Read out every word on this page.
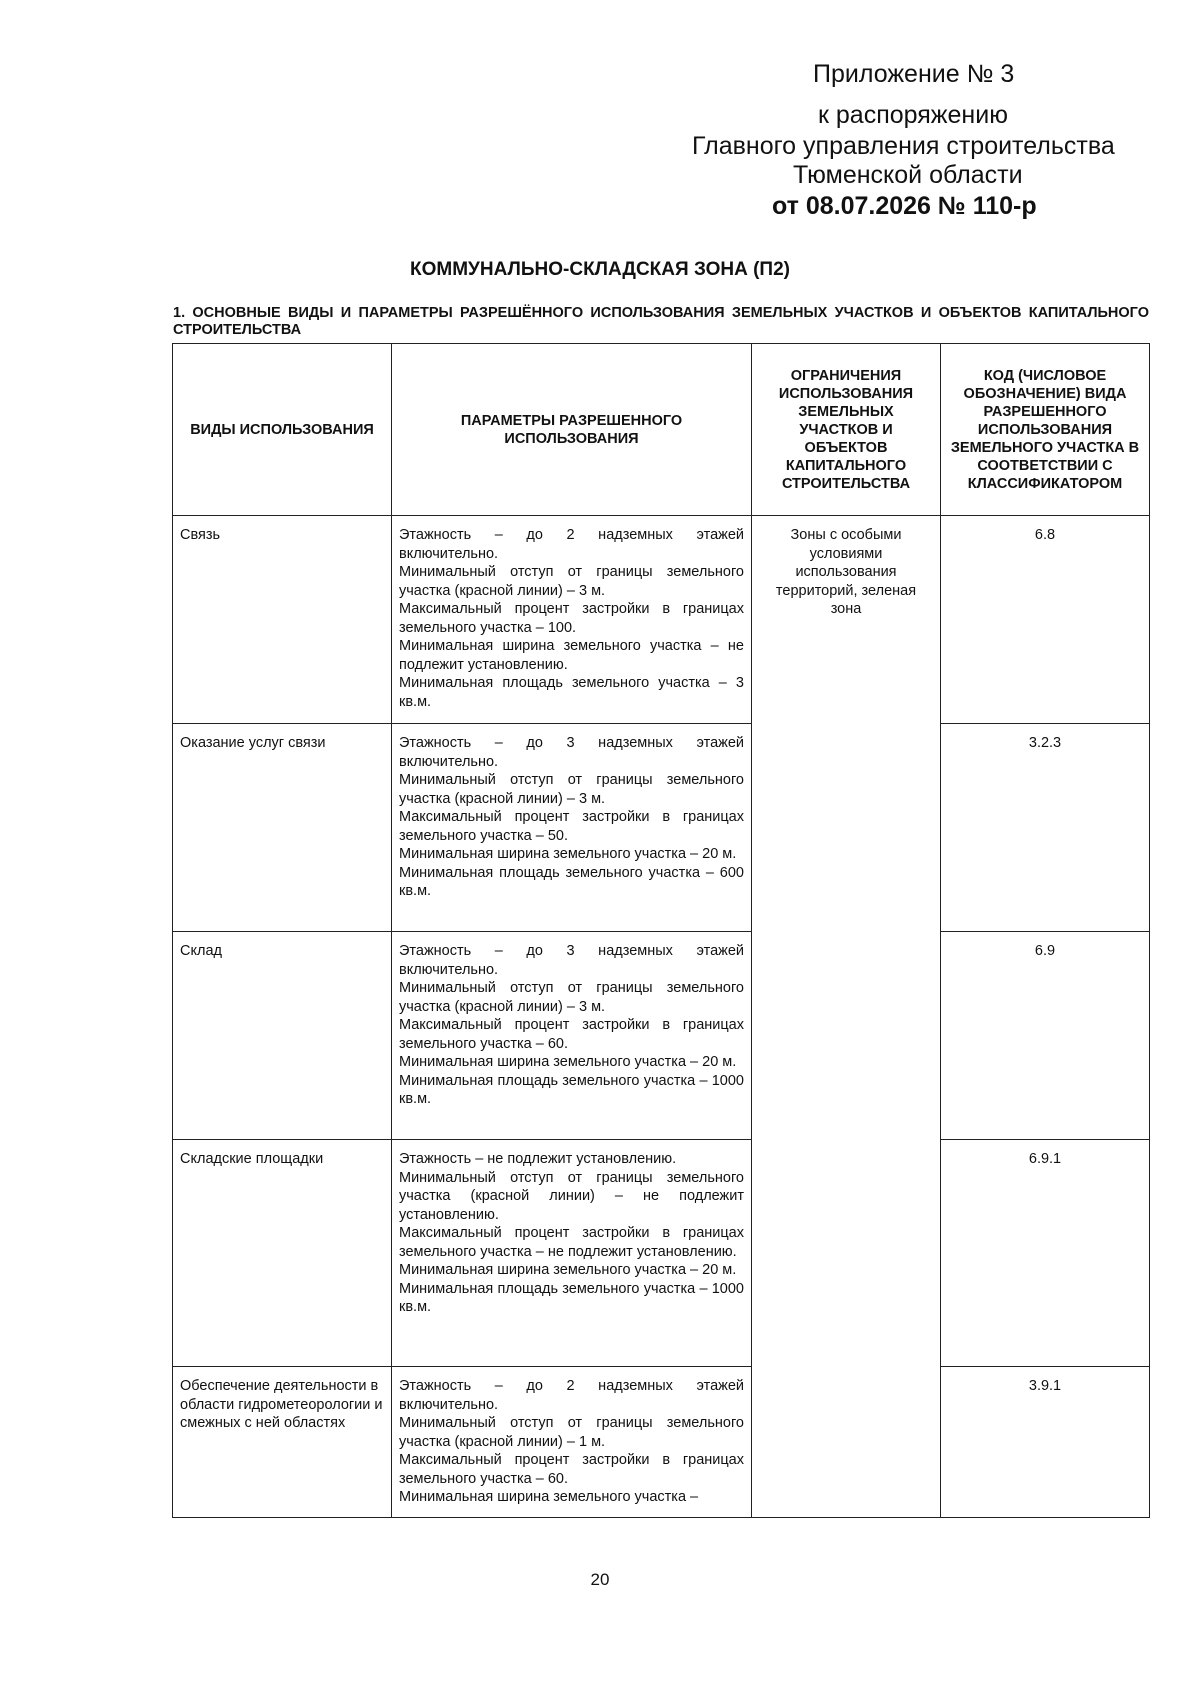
Приложение № 3
к распоряжению
Главного управления строительства
Тюменской области
от 08.07.2026 № 110-р
КОММУНАЛЬНО-СКЛАДСКАЯ ЗОНА (П2)
1. ОСНОВНЫЕ ВИДЫ И ПАРАМЕТРЫ РАЗРЕШЁННОГО ИСПОЛЬЗОВАНИЯ ЗЕМЕЛЬНЫХ УЧАСТКОВ И ОБЪЕКТОВ КАПИТАЛЬНОГО СТРОИТЕЛЬСТВА
ВИДЫ ИСПОЛЬЗОВАНИЯ	ПАРАМЕТРЫ РАЗРЕШЕННОГО ИСПОЛЬЗОВАНИЯ	ОГРАНИЧЕНИЯ ИСПОЛЬЗОВАНИЯ ЗЕМЕЛЬНЫХ УЧАСТКОВ И ОБЪЕКТОВ КАПИТАЛЬНОГО СТРОИТЕЛЬСТВА	КОД (ЧИСЛОВОЕ ОБОЗНАЧЕНИЕ) ВИДА РАЗРЕШЕННОГО ИСПОЛЬЗОВАНИЯ ЗЕМЕЛЬНОГО УЧАСТКА В СООТВЕТСТВИИ С КЛАССИФИКАТОРОМ
Связь	Этажность – до 2 надземных этажей включительно.
Минимальный отступ от границы земельного участка (красной линии) – 3 м.
Максимальный процент застройки в границах земельного участка – 100.
Минимальная ширина земельного участка – не подлежит установлению.
Минимальная площадь земельного участка – 3 кв.м.	Зоны с особыми условиями использования территорий, зеленая зона	6.8
Оказание услуг связи	Этажность – до 3 надземных этажей включительно.
Минимальный отступ от границы земельного участка (красной линии) – 3 м.
Максимальный процент застройки в границах земельного участка – 50.
Минимальная ширина земельного участка – 20 м.
Минимальная площадь земельного участка – 600 кв.м.		3.2.3
Склад	Этажность – до 3 надземных этажей включительно.
Минимальный отступ от границы земельного участка (красной линии) – 3 м.
Максимальный процент застройки в границах земельного участка – 60.
Минимальная ширина земельного участка – 20 м.
Минимальная площадь земельного участка – 1000 кв.м.		6.9
Складские площадки	Этажность – не подлежит установлению.
Минимальный отступ от границы земельного участка (красной линии) – не подлежит установлению.
Максимальный процент застройки в границах земельного участка – не подлежит установлению.
Минимальная ширина земельного участка – 20 м.
Минимальная площадь земельного участка – 1000 кв.м.		6.9.1
Обеспечение деятельности в области гидрометеорологии и смежных с ней областях	Этажность – до 2 надземных этажей включительно.
Минимальный отступ от границы земельного участка (красной линии) – 1 м.
Максимальный процент застройки в границах земельного участка – 60.
Минимальная ширина земельного участка –		3.9.1
20
